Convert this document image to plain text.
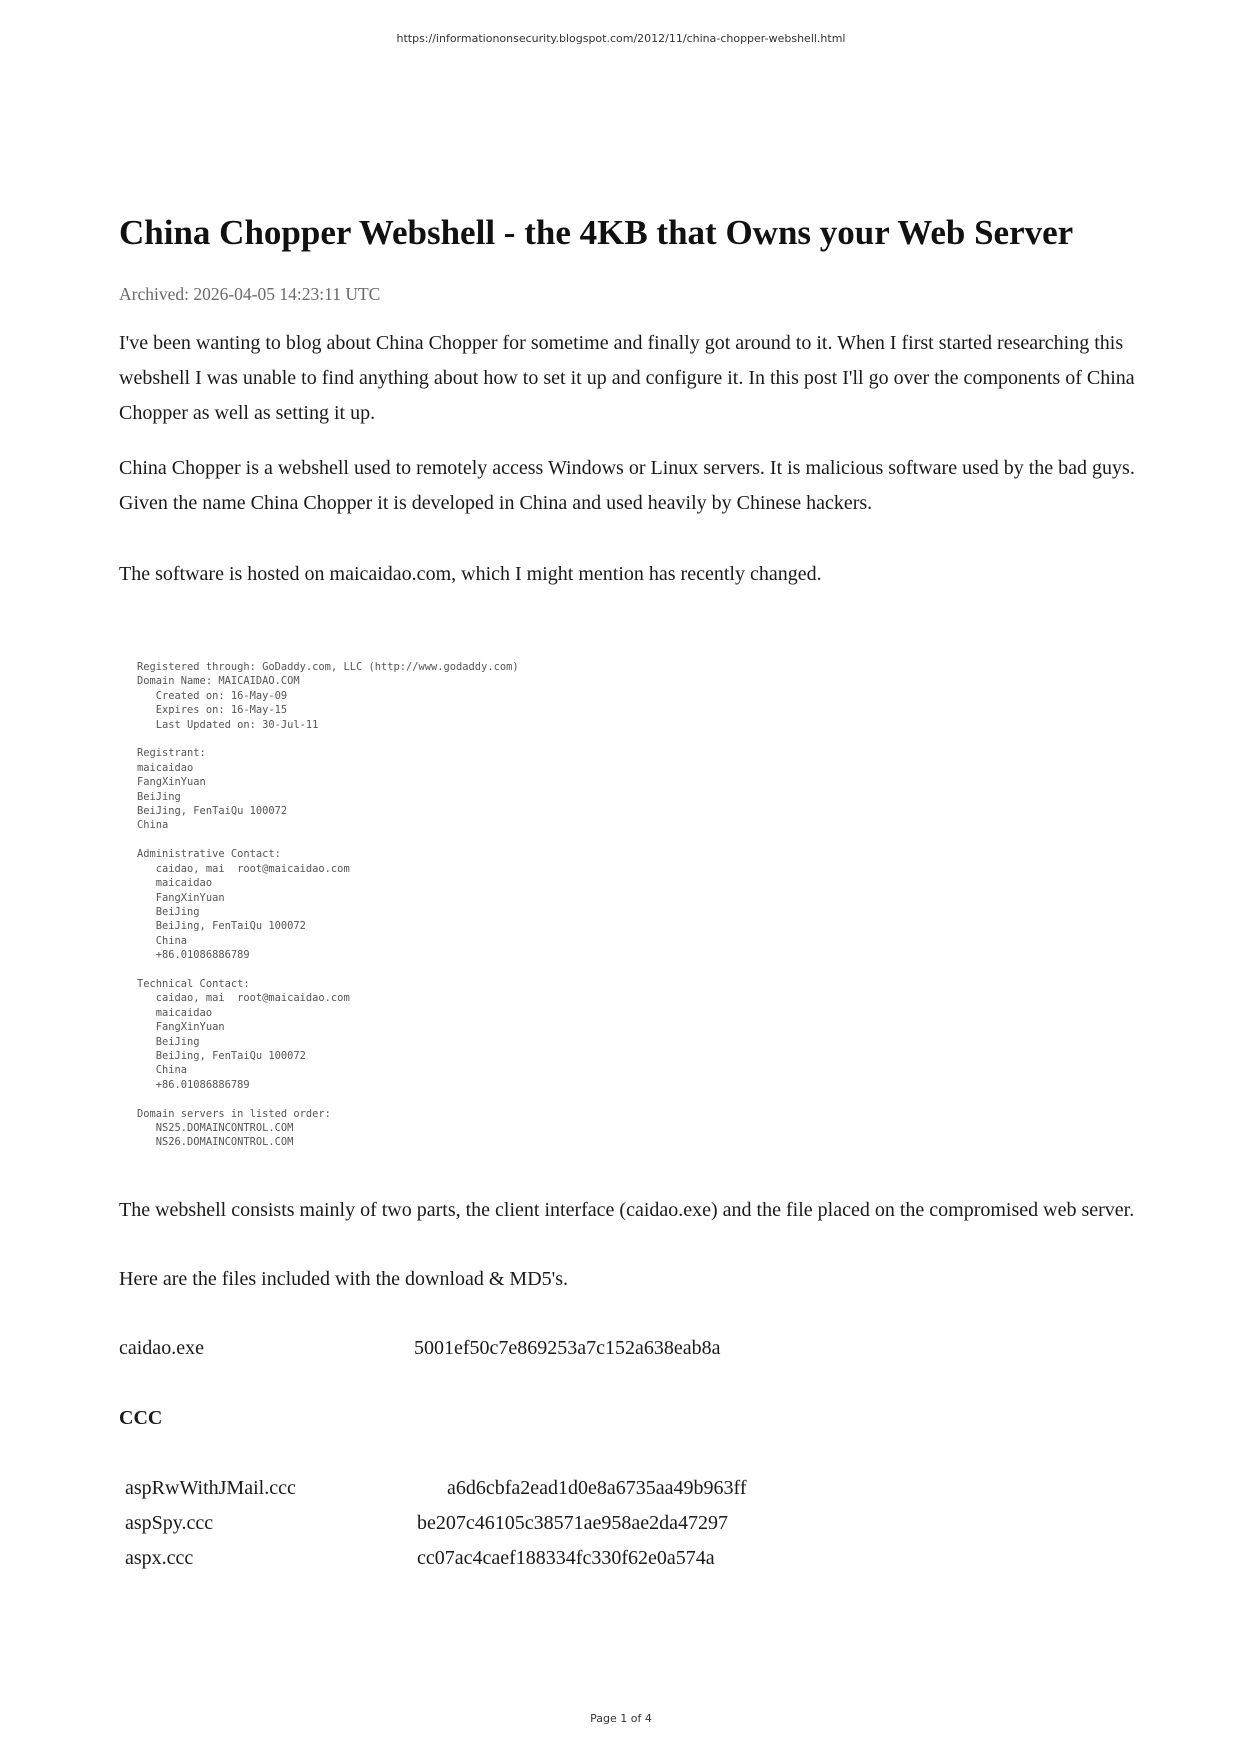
https://informationonsecurity.blogspot.com/2012/11/china-chopper-webshell.html
China Chopper Webshell - the 4KB that Owns your Web Server
Archived: 2026-04-05 14:23:11 UTC

I've been wanting to blog about China Chopper for sometime and finally got around to it. When I first started researching this webshell I was unable to find anything about how to set it up and configure it. In this post I'll go over the components of China Chopper as well as setting it up.

China Chopper is a webshell used to remotely access Windows or Linux servers. It is malicious software used by the bad guys. Given the name China Chopper it is developed in China and used heavily by Chinese hackers.

The software is hosted on maicaidao.com, which I might mention has recently changed.

Registered through: GoDaddy.com, LLC (http://www.godaddy.com)
Domain Name: MAICAIDAO.COM
Created on: 16-May-09
Expires on: 16-May-15
Last Updated on: 30-Jul-11

Registrant:
maicaidao
FangXinYuan
BeiJing
BeiJing, FenTaiQu 100072
China

Administrative Contact:
caidao, mai  root@maicaidao.com
maicaidao
FangXinYuan
BeiJing
BeiJing, FenTaiQu 100072
China
+86.01086886789

Technical Contact:
caidao, mai  root@maicaidao.com
maicaidao
FangXinYuan
BeiJing
BeiJing, FenTaiQu 100072
China
+86.01086886789

Domain servers in listed order:
NS25.DOMAINCONTROL.COM
NS26.DOMAINCONTROL.COM

The webshell consists mainly of two parts, the client interface (caidao.exe) and the file placed on the compromised web server.

Here are the files included with the download & MD5's.

caidao.exe	5001ef50c7e869253a7c152a638eab8a
CCC
aspRwWithJMail.ccc	a6d6cbfa2ead1d0e8a6735aa49b963ff
aspSpy.ccc	be207c46105c38571ae958ae2da47297
aspx.ccc	cc07ac4caef188334fc330f62e0a574a
Page 1 of 4
